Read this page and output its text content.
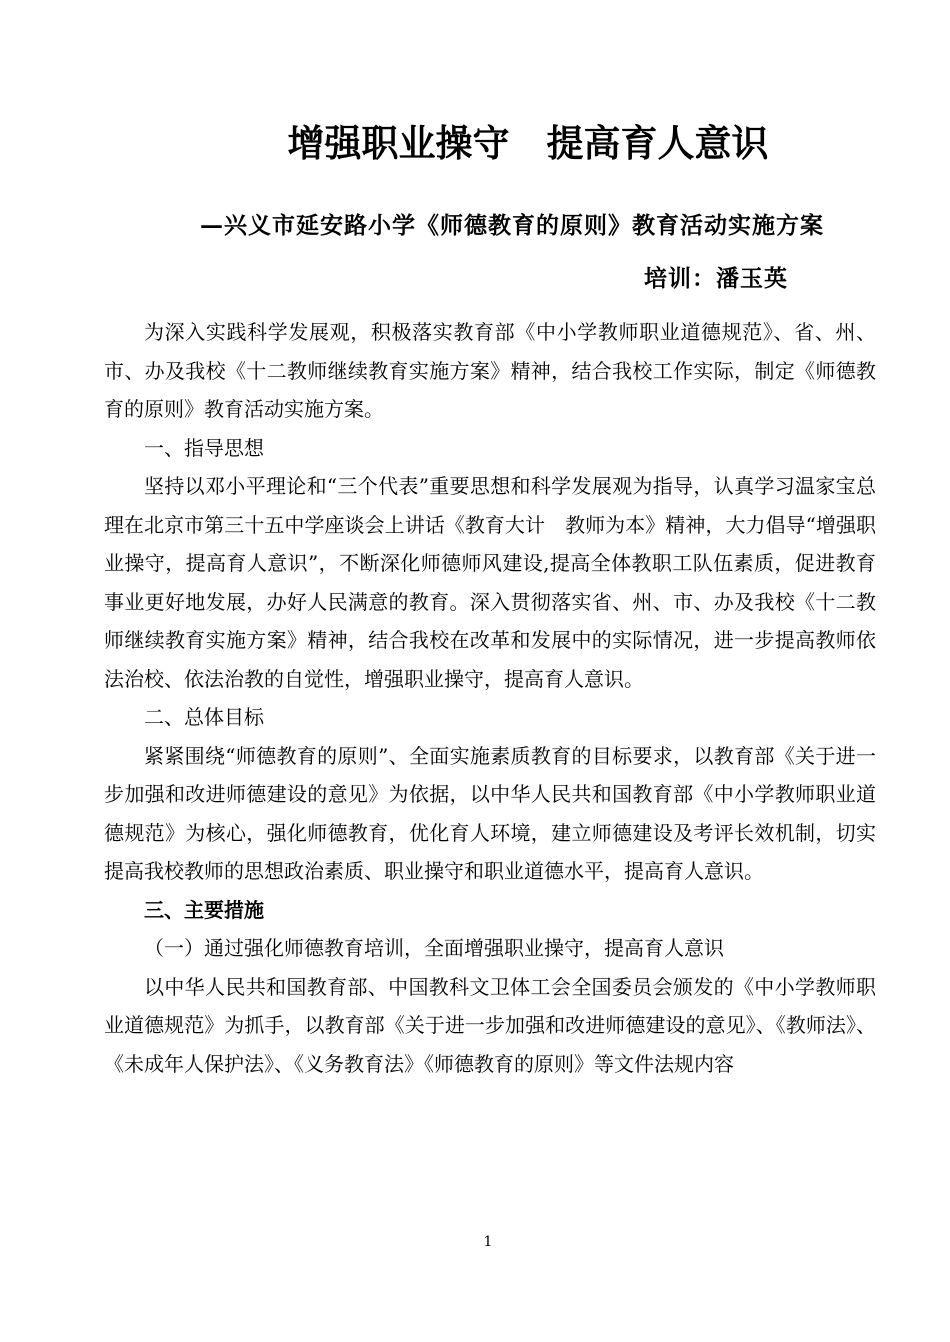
增强职业操守　提高育人意识

—兴义市延安路小学《师德教育的原则》教育活动实施方案

培训：潘玉英

为深入实践科学发展观，积极落实教育部《中小学教师职业道德规范》、省、州、市、办及我校《十二教师继续教育实施方案》精神，结合我校工作实际，制定《师德教育的原则》教育活动实施方案。

一、指导思想

坚持以邓小平理论和“三个代表”重要思想和科学发展观为指导，认真学习温家宝总理在北京市第三十五中学座谈会上讲话《教育大计　教师为本》精神，大力倡导“增强职业操守，提高育人意识”，不断深化师德师风建设,提高全体教职工队伍素质，促进教育事业更好地发展，办好人民满意的教育。深入贯彻落实省、州、市、办及我校《十二教师继续教育实施方案》精神，结合我校在改革和发展中的实际情况，进一步提高教师依法治校、依法治教的自觉性，增强职业操守，提高育人意识。

二、总体目标

紧紧围绕“师德教育的原则”、全面实施素质教育的目标要求，以教育部《关于进一步加强和改进师德建设的意见》为依据，以中华人民共和国教育部《中小学教师职业道德规范》为核心，强化师德教育，优化育人环境，建立师德建设及考评长效机制，切实提高我校教师的思想政治素质、职业操守和职业道德水平，提高育人意识。

三、主要措施

（一）通过强化师德教育培训，全面增强职业操守，提高育人意识

以中华人民共和国教育部、中国教科文卫体工会全国委员会颁发的《中小学教师职业道德规范》为抓手，以教育部《关于进一步加强和改进师德建设的意见》、《教师法》、《未成年人保护法》、《义务教育法》《师德教育的原则》等文件法规内容

1
